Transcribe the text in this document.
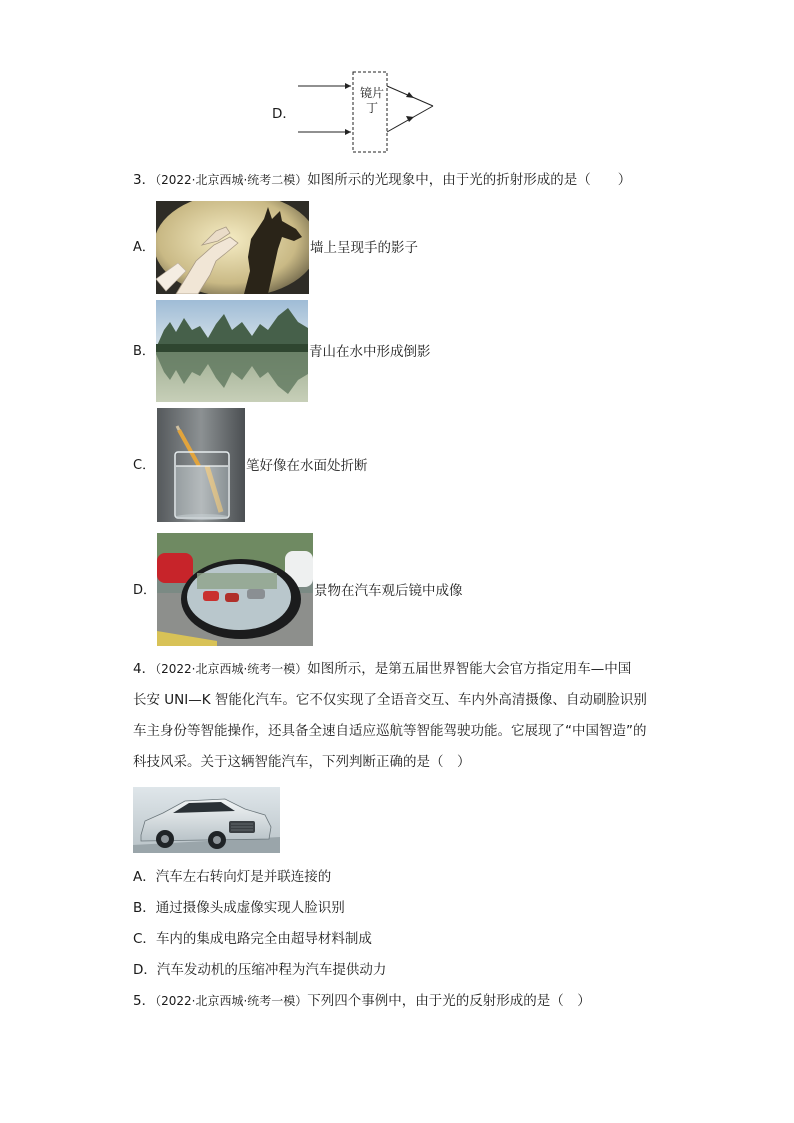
D．
镜片丁
3．（2022·北京西城·统考二模）如图所示的光现象中，由于光的折射形成的是（　　）
A．	墙上呈现手的影子
B．	青山在水中形成倒影
C．	笔好像在水面处折断
D．	景物在汽车观后镜中成像
4．（2022·北京西城·统考一模）如图所示，是第五届世界智能大会官方指定用车—中国
长安 UNI—K 智能化汽车。它不仅实现了全语音交互、车内外高清摄像、自动刷脸识别
车主身份等智能操作，还具备全速自适应巡航等智能驾驶功能。它展现了“中国智造”的
科技风采。关于这辆智能汽车，下列判断正确的是（　）
A．汽车左右转向灯是并联连接的
B．通过摄像头成虚像实现人脸识别
C．车内的集成电路完全由超导材料制成
D．汽车发动机的压缩冲程为汽车提供动力
5．（2022·北京西城·统考一模）下列四个事例中，由于光的反射形成的是（　）
